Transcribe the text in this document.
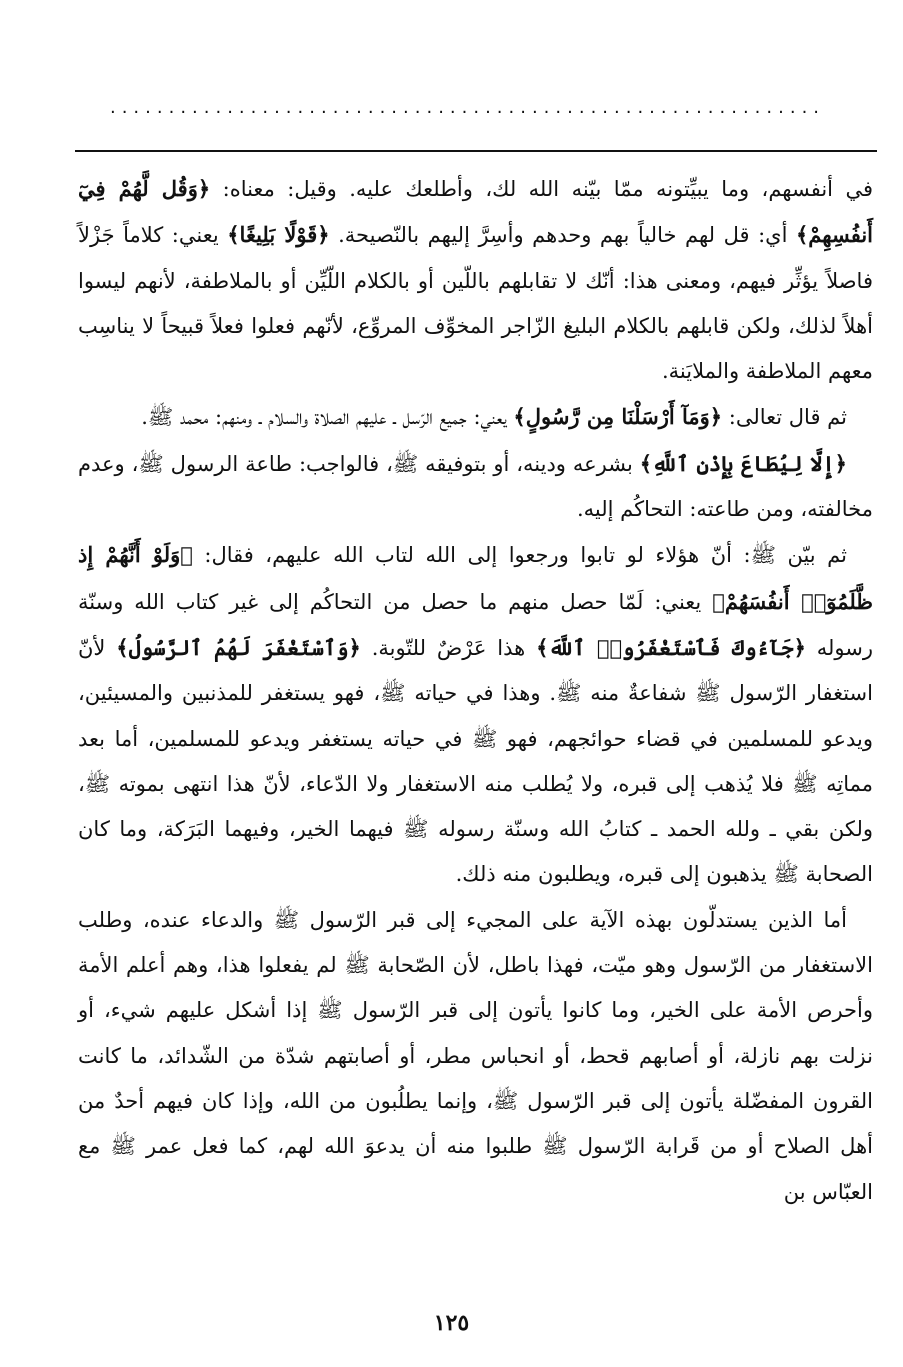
.............................................................

في أنفسهم، وما يبيِّتونه ممّا بيّنه الله لك، وأطلعك عليه. وقيل: معناه: ﴿وَقُل لَّهُمْ فِيٓ أَنفُسِهِمْ﴾ أي: قل لهم خالياً بهم وحدهم وأسِرَّ إليهم بالنّصيحة. ﴿قَوْلًا بَلِيغًا﴾ يعني: كلاماً جَزْلاً فاصلاً يؤثِّر فيهم، ومعنى هذا: أنّك لا تقابلهم باللّين أو بالكلام اللّيِّن أو بالملاطفة، لأنهم ليسوا أهلاً لذلك، ولكن قابلهم بالكلام البليغ الزّاجر المخوِّف المروِّع، لأنّهم فعلوا فعلاً قبيحاً لا يناسِب معهم الملاطفة والملايَنة.

ثم قال تعالى: ﴿وَمَآ أَرْسَلْنَا مِن رَّسُولٍ﴾ يعني: جميع الرّسل ـ عليهم الصلاة والسلام ـ ومنهم: محمد ﷺ.

﴿إِلَّا لِيُطَاعَ بِإِذْنِ ٱللَّهِ﴾ بشرعه ودينه، أو بتوفيقه ﷺ، فالواجب: طاعة الرسول ﷺ، وعدم مخالفته، ومن طاعته: التحاكُم إليه.

ثم بيّن ﷺ: أنّ هؤلاء لو تابوا ورجعوا إلى الله لتاب الله عليهم، فقال: ﴿وَلَوْ أَنَّهُمْ إِذ ظَّلَمُوٓا۟ أَنفُسَهُمْ﴾ يعني: لَمّا حصل منهم ما حصل من التحاكُم إلى غير كتاب الله وسنّة رسوله ﴿جَآءُوكَ فَٱسْتَغْفَرُوا۟ ٱللَّهَ﴾ هذا عَرْضٌ للتّوبة. ﴿وَٱسْتَغْفَرَ لَهُمُ ٱلرَّسُولُ﴾ لأنّ استغفار الرّسول ﷺ شفاعةٌ منه ﷺ. وهذا في حياته ﷺ، فهو يستغفر للمذنبين والمسيئين، ويدعو للمسلمين في قضاء حوائجهم، فهو ﷺ في حياته يستغفر ويدعو للمسلمين، أما بعد مماتِه ﷺ فلا يُذهب إلى قبره، ولا يُطلب منه الاستغفار ولا الدّعاء، لأنّ هذا انتهى بموته ﷺ، ولكن بقي ـ ولله الحمد ـ كتابُ الله وسنّة رسوله ﷺ فيهما الخير، وفيهما البَرَكة، وما كان الصحابة ﷺ يذهبون إلى قبره، ويطلبون منه ذلك.

أما الذين يستدلّون بهذه الآية على المجيء إلى قبر الرّسول ﷺ والدعاء عنده، وطلب الاستغفار من الرّسول وهو ميّت، فهذا باطل، لأن الصّحابة ﷺ لم يفعلوا هذا، وهم أعلم الأمة وأحرص الأمة على الخير، وما كانوا يأتون إلى قبر الرّسول ﷺ إذا أشكل عليهم شيء، أو نزلت بهم نازلة، أو أصابهم قحط، أو انحباس مطر، أو أصابتهم شدّة من الشّدائد، ما كانت القرون المفضّلة يأتون إلى قبر الرّسول ﷺ، وإنما يطلُبون من الله، وإذا كان فيهم أحدٌ من أهل الصلاح أو من قَرابة الرّسول ﷺ طلبوا منه أن يدعوَ الله لهم، كما فعل عمر ﷺ مع العبّاس بن

١٢٥
